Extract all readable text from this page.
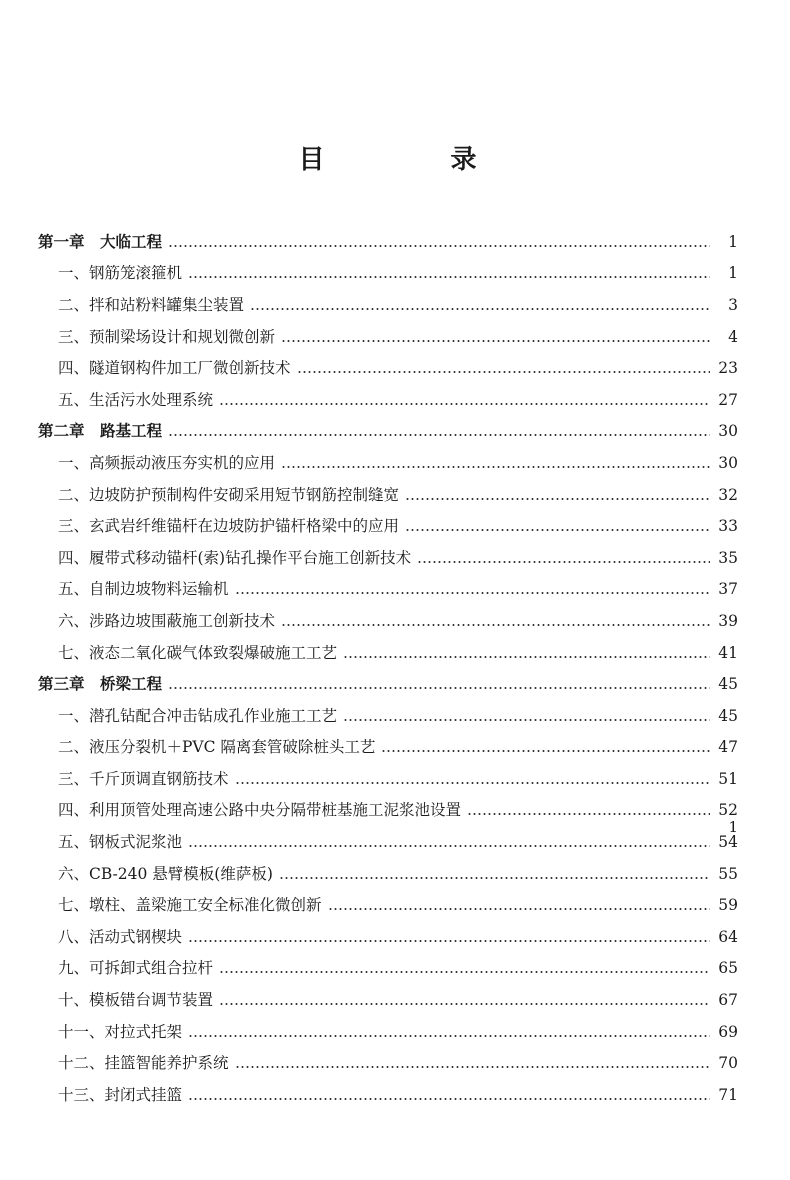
目　录
第一章　大临工程	1
一、钢筋笼滚箍机	1
二、拌和站粉料罐集尘装置	3
三、预制梁场设计和规划微创新	4
四、隧道钢构件加工厂微创新技术	23
五、生活污水处理系统	27
第二章　路基工程	30
一、高频振动液压夯实机的应用	30
二、边坡防护预制构件安砌采用短节钢筋控制缝宽	32
三、玄武岩纤维锚杆在边坡防护锚杆格梁中的应用	33
四、履带式移动锚杆(索)钻孔操作平台施工创新技术	35
五、自制边坡物料运输机	37
六、涉路边坡围蔽施工创新技术	39
七、液态二氧化碳气体致裂爆破施工工艺	41
第三章　桥梁工程	45
一、潜孔钻配合冲击钻成孔作业施工工艺	45
二、液压分裂机＋PVC 隔离套管破除桩头工艺	47
三、千斤顶调直钢筋技术	51
四、利用顶管处理高速公路中央分隔带桩基施工泥浆池设置	52
五、钢板式泥浆池	54
六、CB-240 悬臂模板(维萨板)	55
七、墩柱、盖梁施工安全标准化微创新	59
八、活动式钢楔块	64
九、可拆卸式组合拉杆	65
十、模板错台调节装置	67
十一、对拉式托架	69
十二、挂篮智能养护系统	70
十三、封闭式挂篮	71
1
